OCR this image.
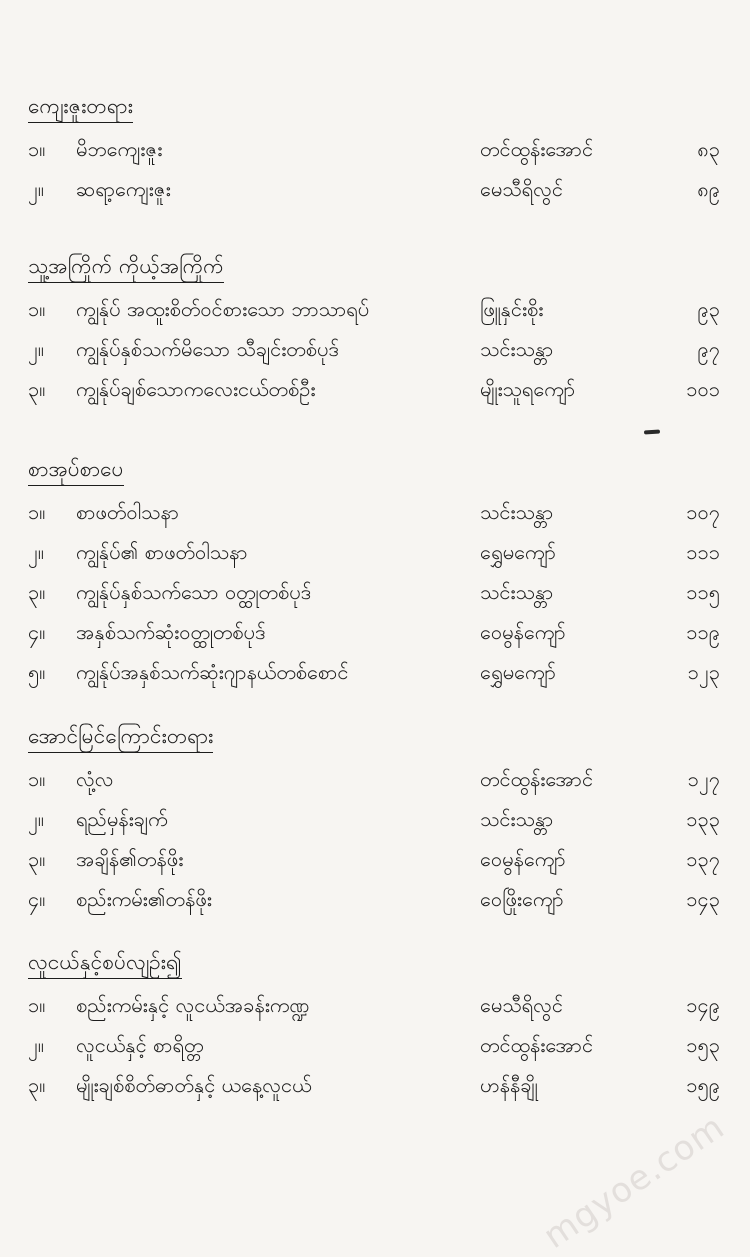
ကျေးဇူးတရား
၁။ မိဘကျေးဇူး	တင်ထွန်းအောင်	၈၃
၂။ ဆရာ့ကျေးဇူး	မေသီရိလွင်	၈၉
သူ့အကြိုက် ကိုယ့်အကြိုက်
၁။ ကျွန်ုပ် အထူးစိတ်ဝင်စားသော ဘာသာရပ်	ဖြူနှင်းစိုး	၉၃
၂။ ကျွန်ုပ်နှစ်သက်မိသော သီချင်းတစ်ပုဒ်	သင်းသန္တာ	၉၇
၃။ ကျွန်ုပ်ချစ်သောကလေးငယ်တစ်ဦး	မျိုးသူရကျော်	၁၀၁
စာအုပ်စာပေ
၁။ စာဖတ်ဝါသနာ	သင်းသန္တာ	၁၀၇
၂။ ကျွန်ုပ်၏ စာဖတ်ဝါသနာ	ရွှေမကျော်	၁၁၁
၃။ ကျွန်ုပ်နှစ်သက်သော ဝတ္ထုတစ်ပုဒ်	သင်းသန္တာ	၁၁၅
၄။ အနှစ်သက်ဆုံးဝတ္ထုတစ်ပုဒ်	ဝေမွန်ကျော်	၁၁၉
၅။ ကျွန်ုပ်အနှစ်သက်ဆုံးဂျာနယ်တစ်စောင်	ရွှေမကျော်	၁၂၃
အောင်မြင်ကြောင်းတရား
၁။ လုံ့လ	တင်ထွန်းအောင်	၁၂၇
၂။ ရည်မှန်းချက်	သင်းသန္တာ	၁၃၃
၃။ အချိန်၏တန်ဖိုး	ဝေမွန်ကျော်	၁၃၇
၄။ စည်းကမ်း၏တန်ဖိုး	ဝေဖြိုးကျော်	၁၄၃
လူငယ်နှင့်စပ်လျဉ်း၍
၁။ စည်းကမ်းနှင့် လူငယ်အခန်းကဏ္ဍ	မေသီရိလွင်	၁၄၉
၂။ လူငယ်နှင့် စာရိတ္တ	တင်ထွန်းအောင်	၁၅၃
၃။ မျိုးချစ်စိတ်ဓာတ်နှင့် ယနေ့လူငယ်	ဟန်နီချို	၁၅၉
mgyoe.com
